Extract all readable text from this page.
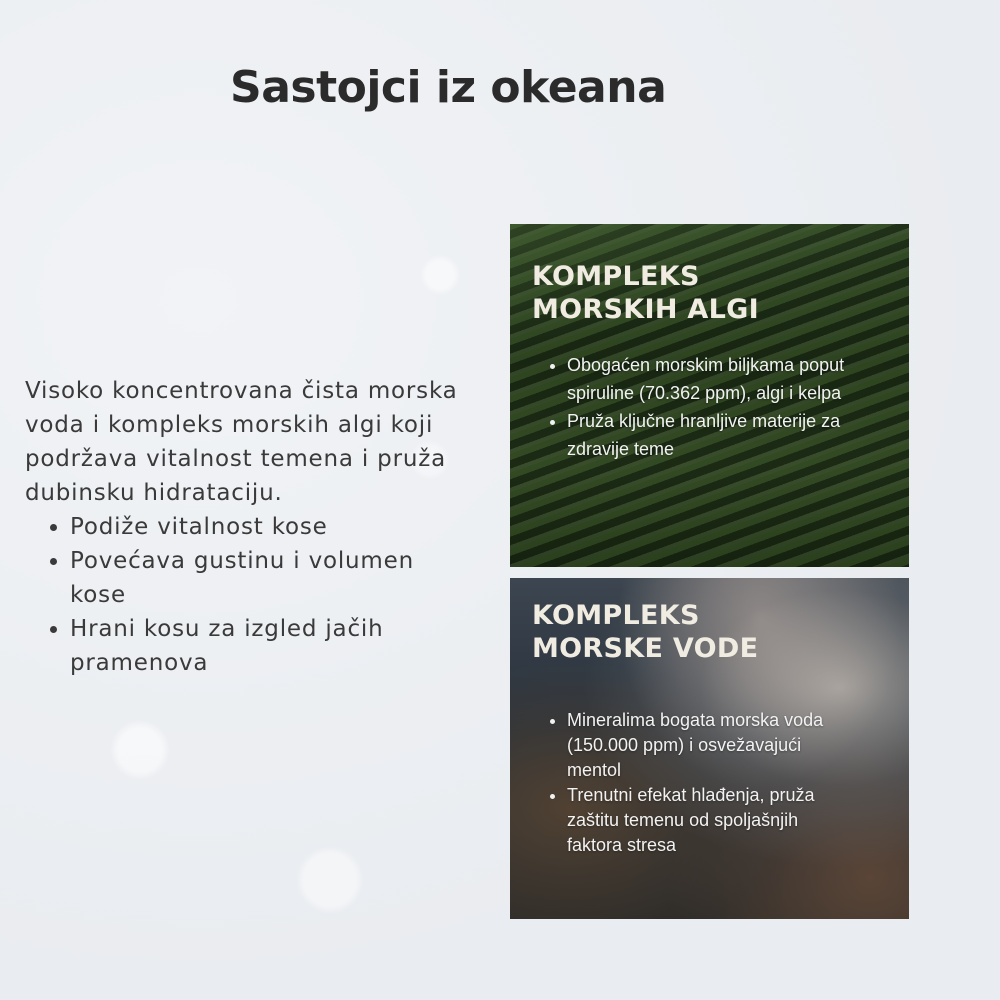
Sastojci iz okeana

Visoko koncentrovana čista morska voda i kompleks morskih algi koji podržava vitalnost temena i pruža dubinsku hidrataciju.

• Podiže vitalnost kose
• Povećava gustinu i volumen kose
• Hrani kosu za izgled jačih pramenova
KOMPLEKS
MORSKIH ALGI
• Obogaćen morskim biljkama poput spiruline (70.362 ppm), algi i kelpa
• Pruža ključne hranljive materije za zdravije teme
KOMPLEKS
MORSKE VODE
• Mineralima bogata morska voda (150.000 ppm) i osvežavajući mentol
• Trenutni efekat hlađenja, pruža zaštitu temenu od spoljašnjih faktora stresa
